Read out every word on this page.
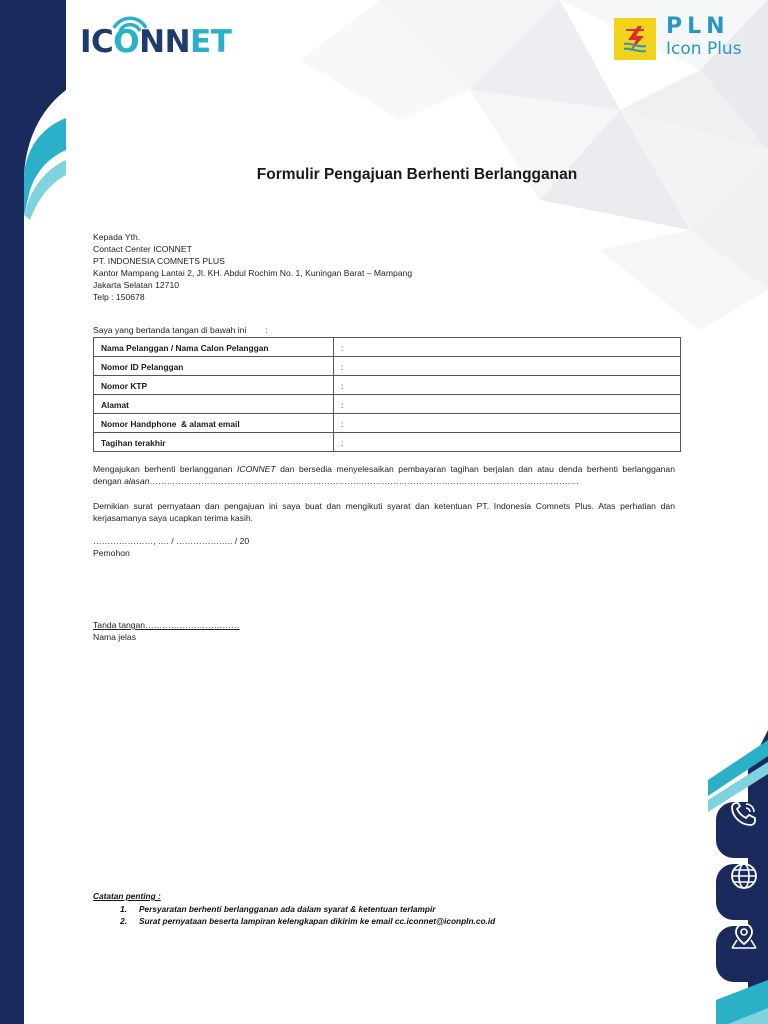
ICONNET	PLN
Icon Plus
Formulir Pengajuan Berhenti Berlangganan
Kepada Yth.
Contact Center ICONNET
PT. INDONESIA COMNETS PLUS
Kantor Mampang Lantai 2, Jl. KH. Abdul Rochim No. 1, Kuningan Barat – Mampang
Jakarta Selatan 12710
Telp : 150678
Saya yang bertanda tangan di bawah ini        :
Nama Pelanggan / Nama Calon Pelanggan	:
Nomor ID Pelanggan	:
Nomor KTP	:
Alamat	:
Nomor Handphone  & alamat email	:
Tagihan terakhir	:
Mengajukan berhenti berlangganan ICONNET dan bersedia menyelesaikan pembayaran tagihan berjalan dan atau denda berhenti berlangganan dengan alasan……………………………………………………………………………………………………………………………………
Demikian surat pernyataan dan pengajuan ini saya buat dan mengikuti syarat dan ketentuan PT. Indonesia Comnets Plus. Atas perhatian dan kerjasamanya saya ucapkan terima kasih.
…………………, …. / ……………….. / 20
Pemohon
Tanda tangan……………………………
Nama jelas
Catatan penting :
1.	Persyaratan berhenti berlangganan ada dalam syarat & ketentuan terlampir
2.	Surat pernyataan beserta lampiran kelengkapan dikirim ke email cc.iconnet@iconpln.co.id
